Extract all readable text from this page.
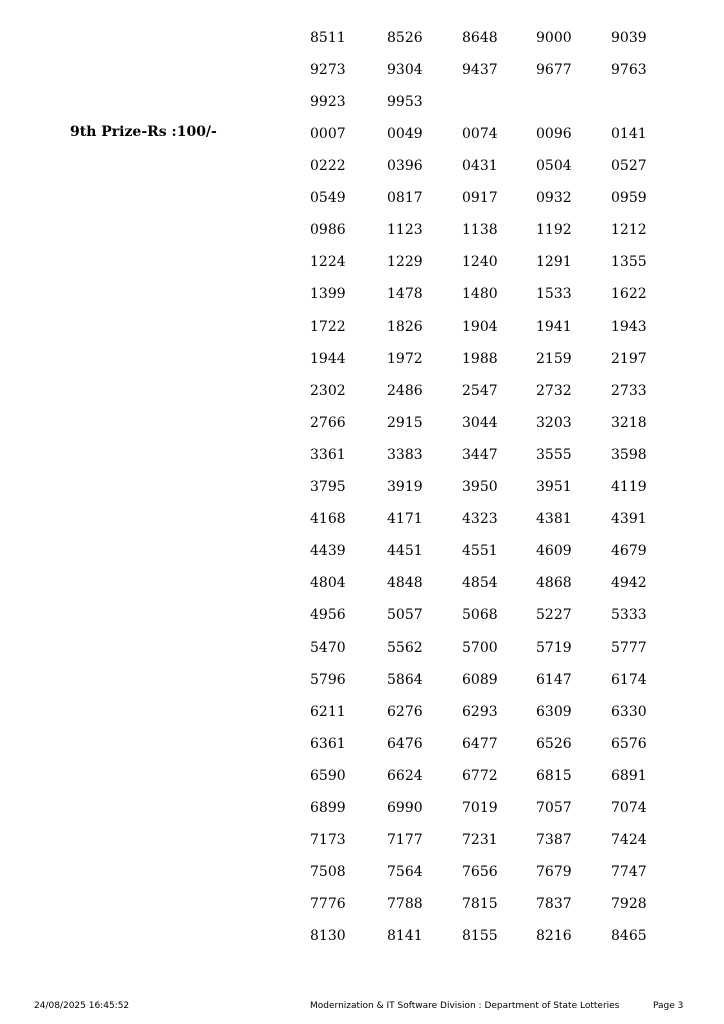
8511	8526	8648	9000	9039
9273	9304	9437	9677	9763
9923	9953
9th Prize-Rs :100/-	0007	0049	0074	0096	0141
0222	0396	0431	0504	0527
0549	0817	0917	0932	0959
0986	1123	1138	1192	1212
1224	1229	1240	1291	1355
1399	1478	1480	1533	1622
1722	1826	1904	1941	1943
1944	1972	1988	2159	2197
2302	2486	2547	2732	2733
2766	2915	3044	3203	3218
3361	3383	3447	3555	3598
3795	3919	3950	3951	4119
4168	4171	4323	4381	4391
4439	4451	4551	4609	4679
4804	4848	4854	4868	4942
4956	5057	5068	5227	5333
5470	5562	5700	5719	5777
5796	5864	6089	6147	6174
6211	6276	6293	6309	6330
6361	6476	6477	6526	6576
6590	6624	6772	6815	6891
6899	6990	7019	7057	7074
7173	7177	7231	7387	7424
7508	7564	7656	7679	7747
7776	7788	7815	7837	7928
8130	8141	8155	8216	8465
24/08/2025 16:45:52	Modernization & IT Software Division : Department of State Lotteries	Page 3
